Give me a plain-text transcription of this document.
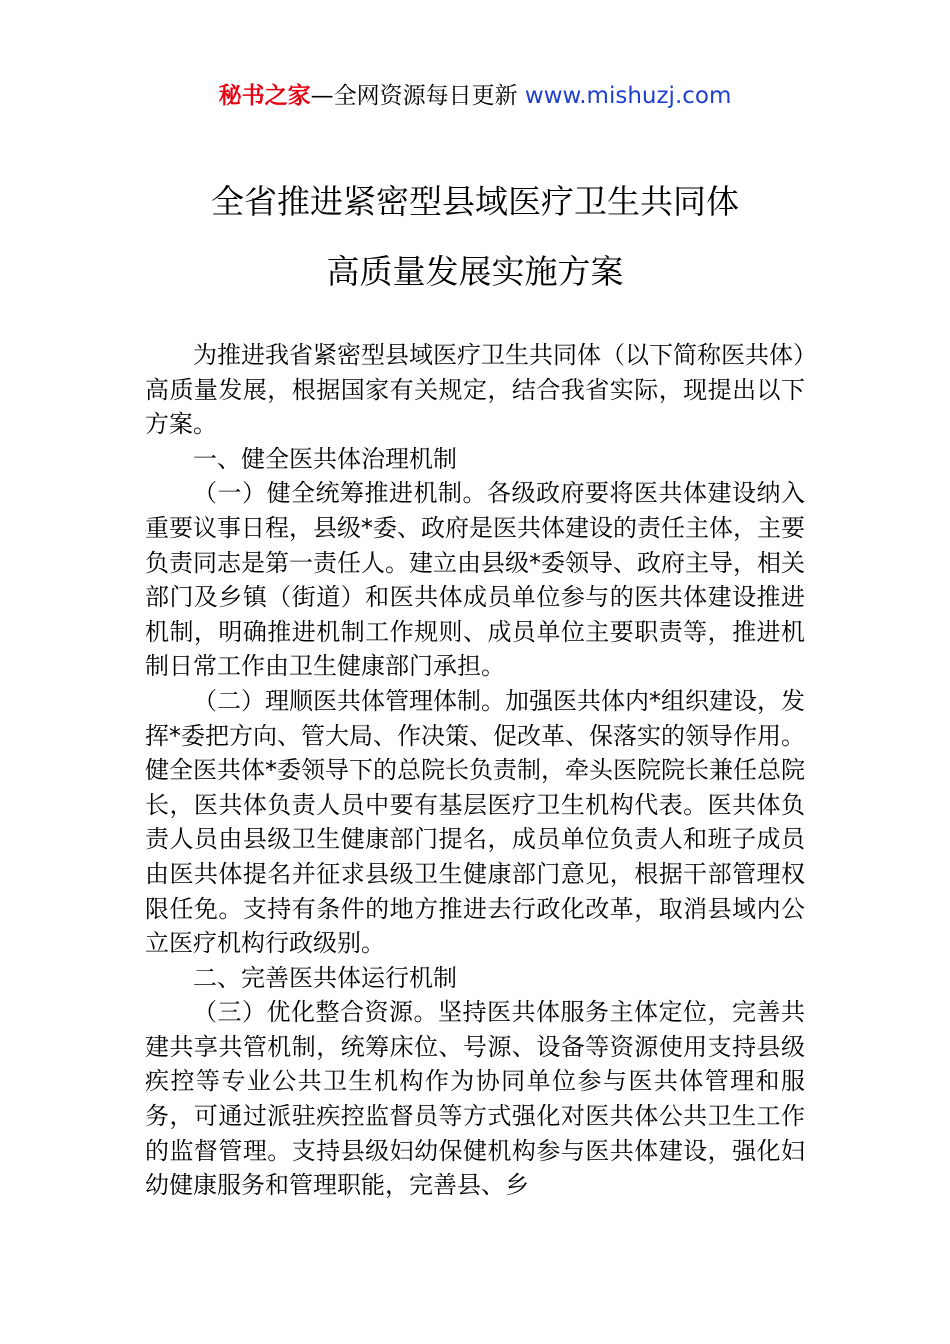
秘书之家—全网资源每日更新 www.mishuzj.com
全省推进紧密型县域医疗卫生共同体
高质量发展实施方案

为推进我省紧密型县域医疗卫生共同体（以下简称医共体）高质量发展，根据国家有关规定，结合我省实际，现提出以下方案。

一、健全医共体治理机制

（一）健全统筹推进机制。各级政府要将医共体建设纳入重要议事日程，县级*委、政府是医共体建设的责任主体，主要负责同志是第一责任人。建立由县级*委领导、政府主导，相关部门及乡镇（街道）和医共体成员单位参与的医共体建设推进机制，明确推进机制工作规则、成员单位主要职责等，推进机制日常工作由卫生健康部门承担。

（二）理顺医共体管理体制。加强医共体内*组织建设，发挥*委把方向、管大局、作决策、促改革、保落实的领导作用。健全医共体*委领导下的总院长负责制，牵头医院院长兼任总院长，医共体负责人员中要有基层医疗卫生机构代表。医共体负责人员由县级卫生健康部门提名，成员单位负责人和班子成员由医共体提名并征求县级卫生健康部门意见，根据干部管理权限任免。支持有条件的地方推进去行政化改革，取消县域内公立医疗机构行政级别。

二、完善医共体运行机制

（三）优化整合资源。坚持医共体服务主体定位，完善共建共享共管机制，统筹床位、号源、设备等资源使用支持县级疾控等专业公共卫生机构作为协同单位参与医共体管理和服务，可通过派驻疾控监督员等方式强化对医共体公共卫生工作的监督管理。支持县级妇幼保健机构参与医共体建设，强化妇幼健康服务和管理职能，完善县、乡
